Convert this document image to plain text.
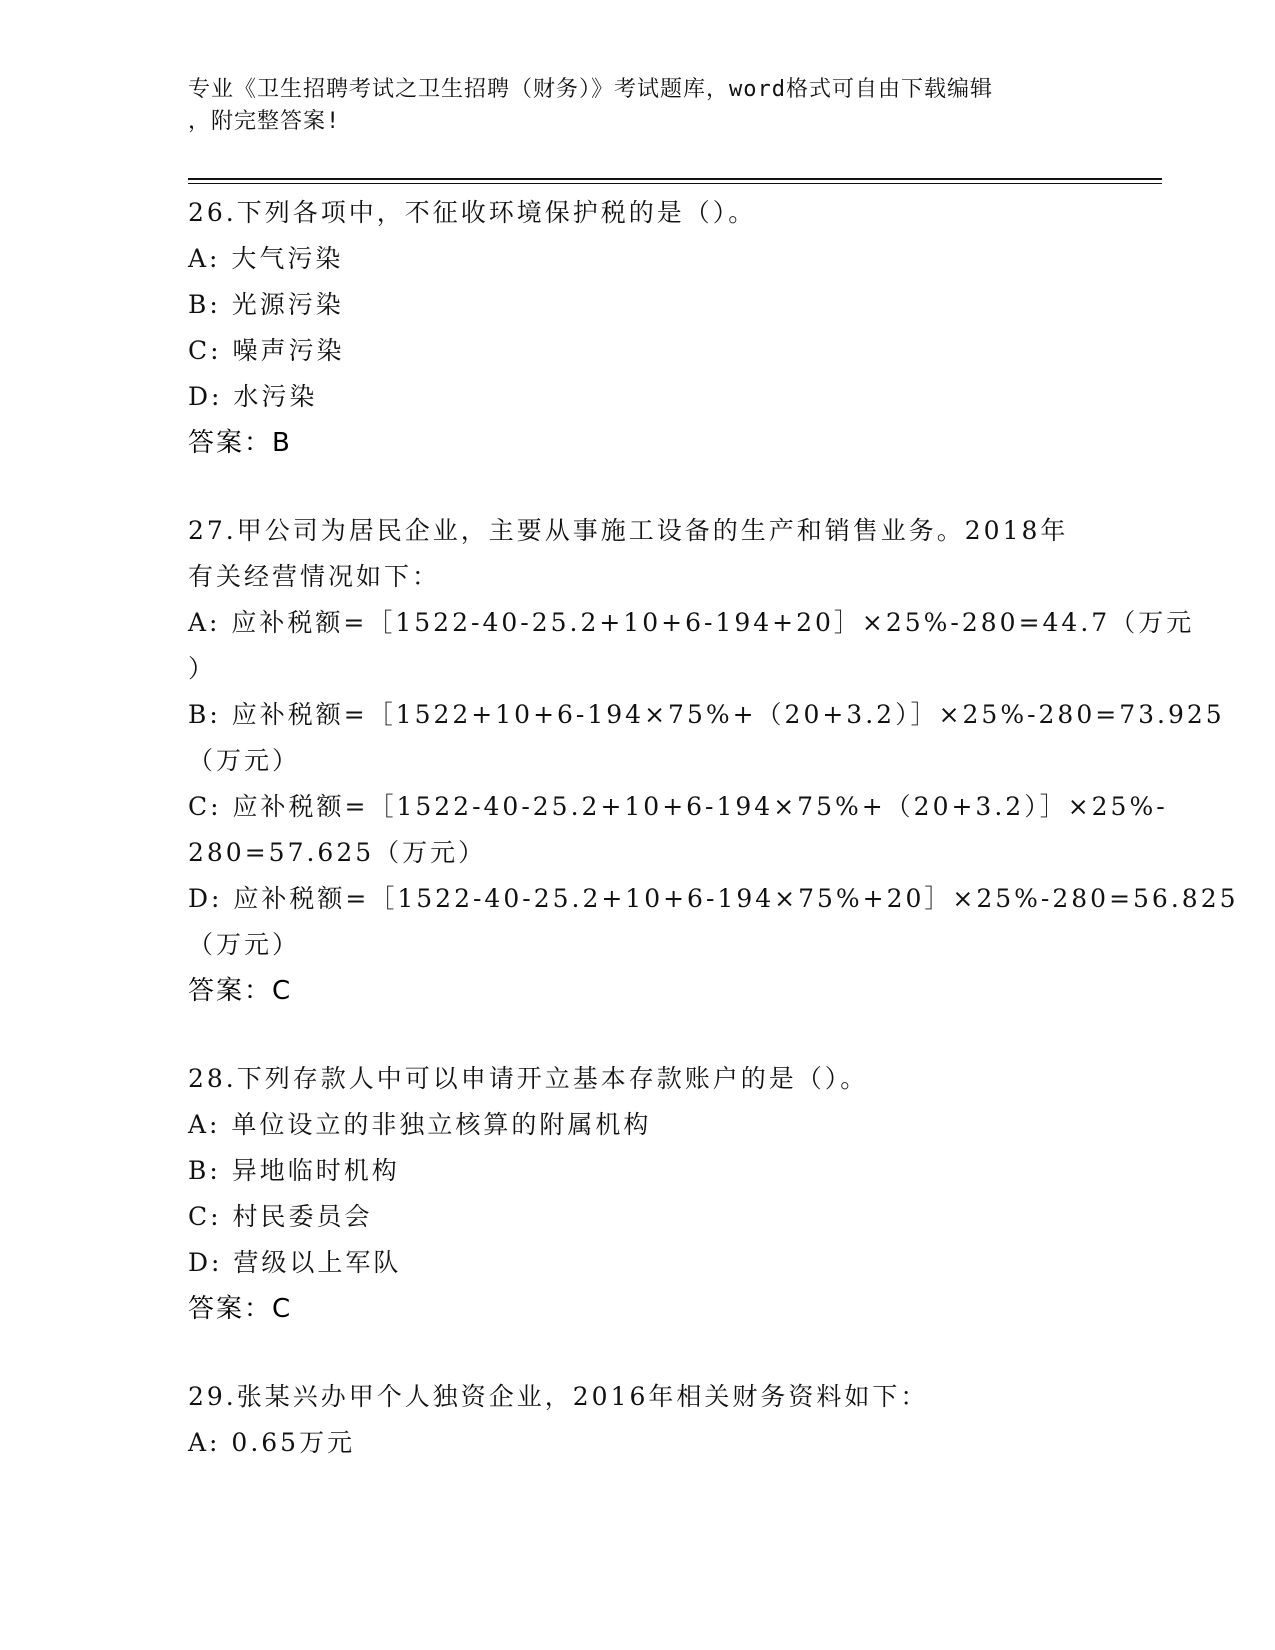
专业《卫生招聘考试之卫生招聘（财务）》考试题库，word格式可自由下载编辑
，附完整答案!
26.下列各项中，不征收环境保护税的是（）。
A: 大气污染
B: 光源污染
C: 噪声污染
D: 水污染
答案：B
27.甲公司为居民企业，主要从事施工设备的生产和销售业务。2018年
有关经营情况如下：
A: 应补税额=［1522-40-25.2+10+6-194+20］×25%-280=44.7（万元
）
B: 应补税额=［1522+10+6-194×75%+（20+3.2）］×25%-280=73.925
（万元）
C: 应补税额=［1522-40-25.2+10+6-194×75%+（20+3.2）］×25%-
280=57.625（万元）
D: 应补税额=［1522-40-25.2+10+6-194×75%+20］×25%-280=56.825
（万元）
答案：C
28.下列存款人中可以申请开立基本存款账户的是（）。
A: 单位设立的非独立核算的附属机构
B: 异地临时机构
C: 村民委员会
D: 营级以上军队
答案：C
29.张某兴办甲个人独资企业，2016年相关财务资料如下：
A: 0.65万元
